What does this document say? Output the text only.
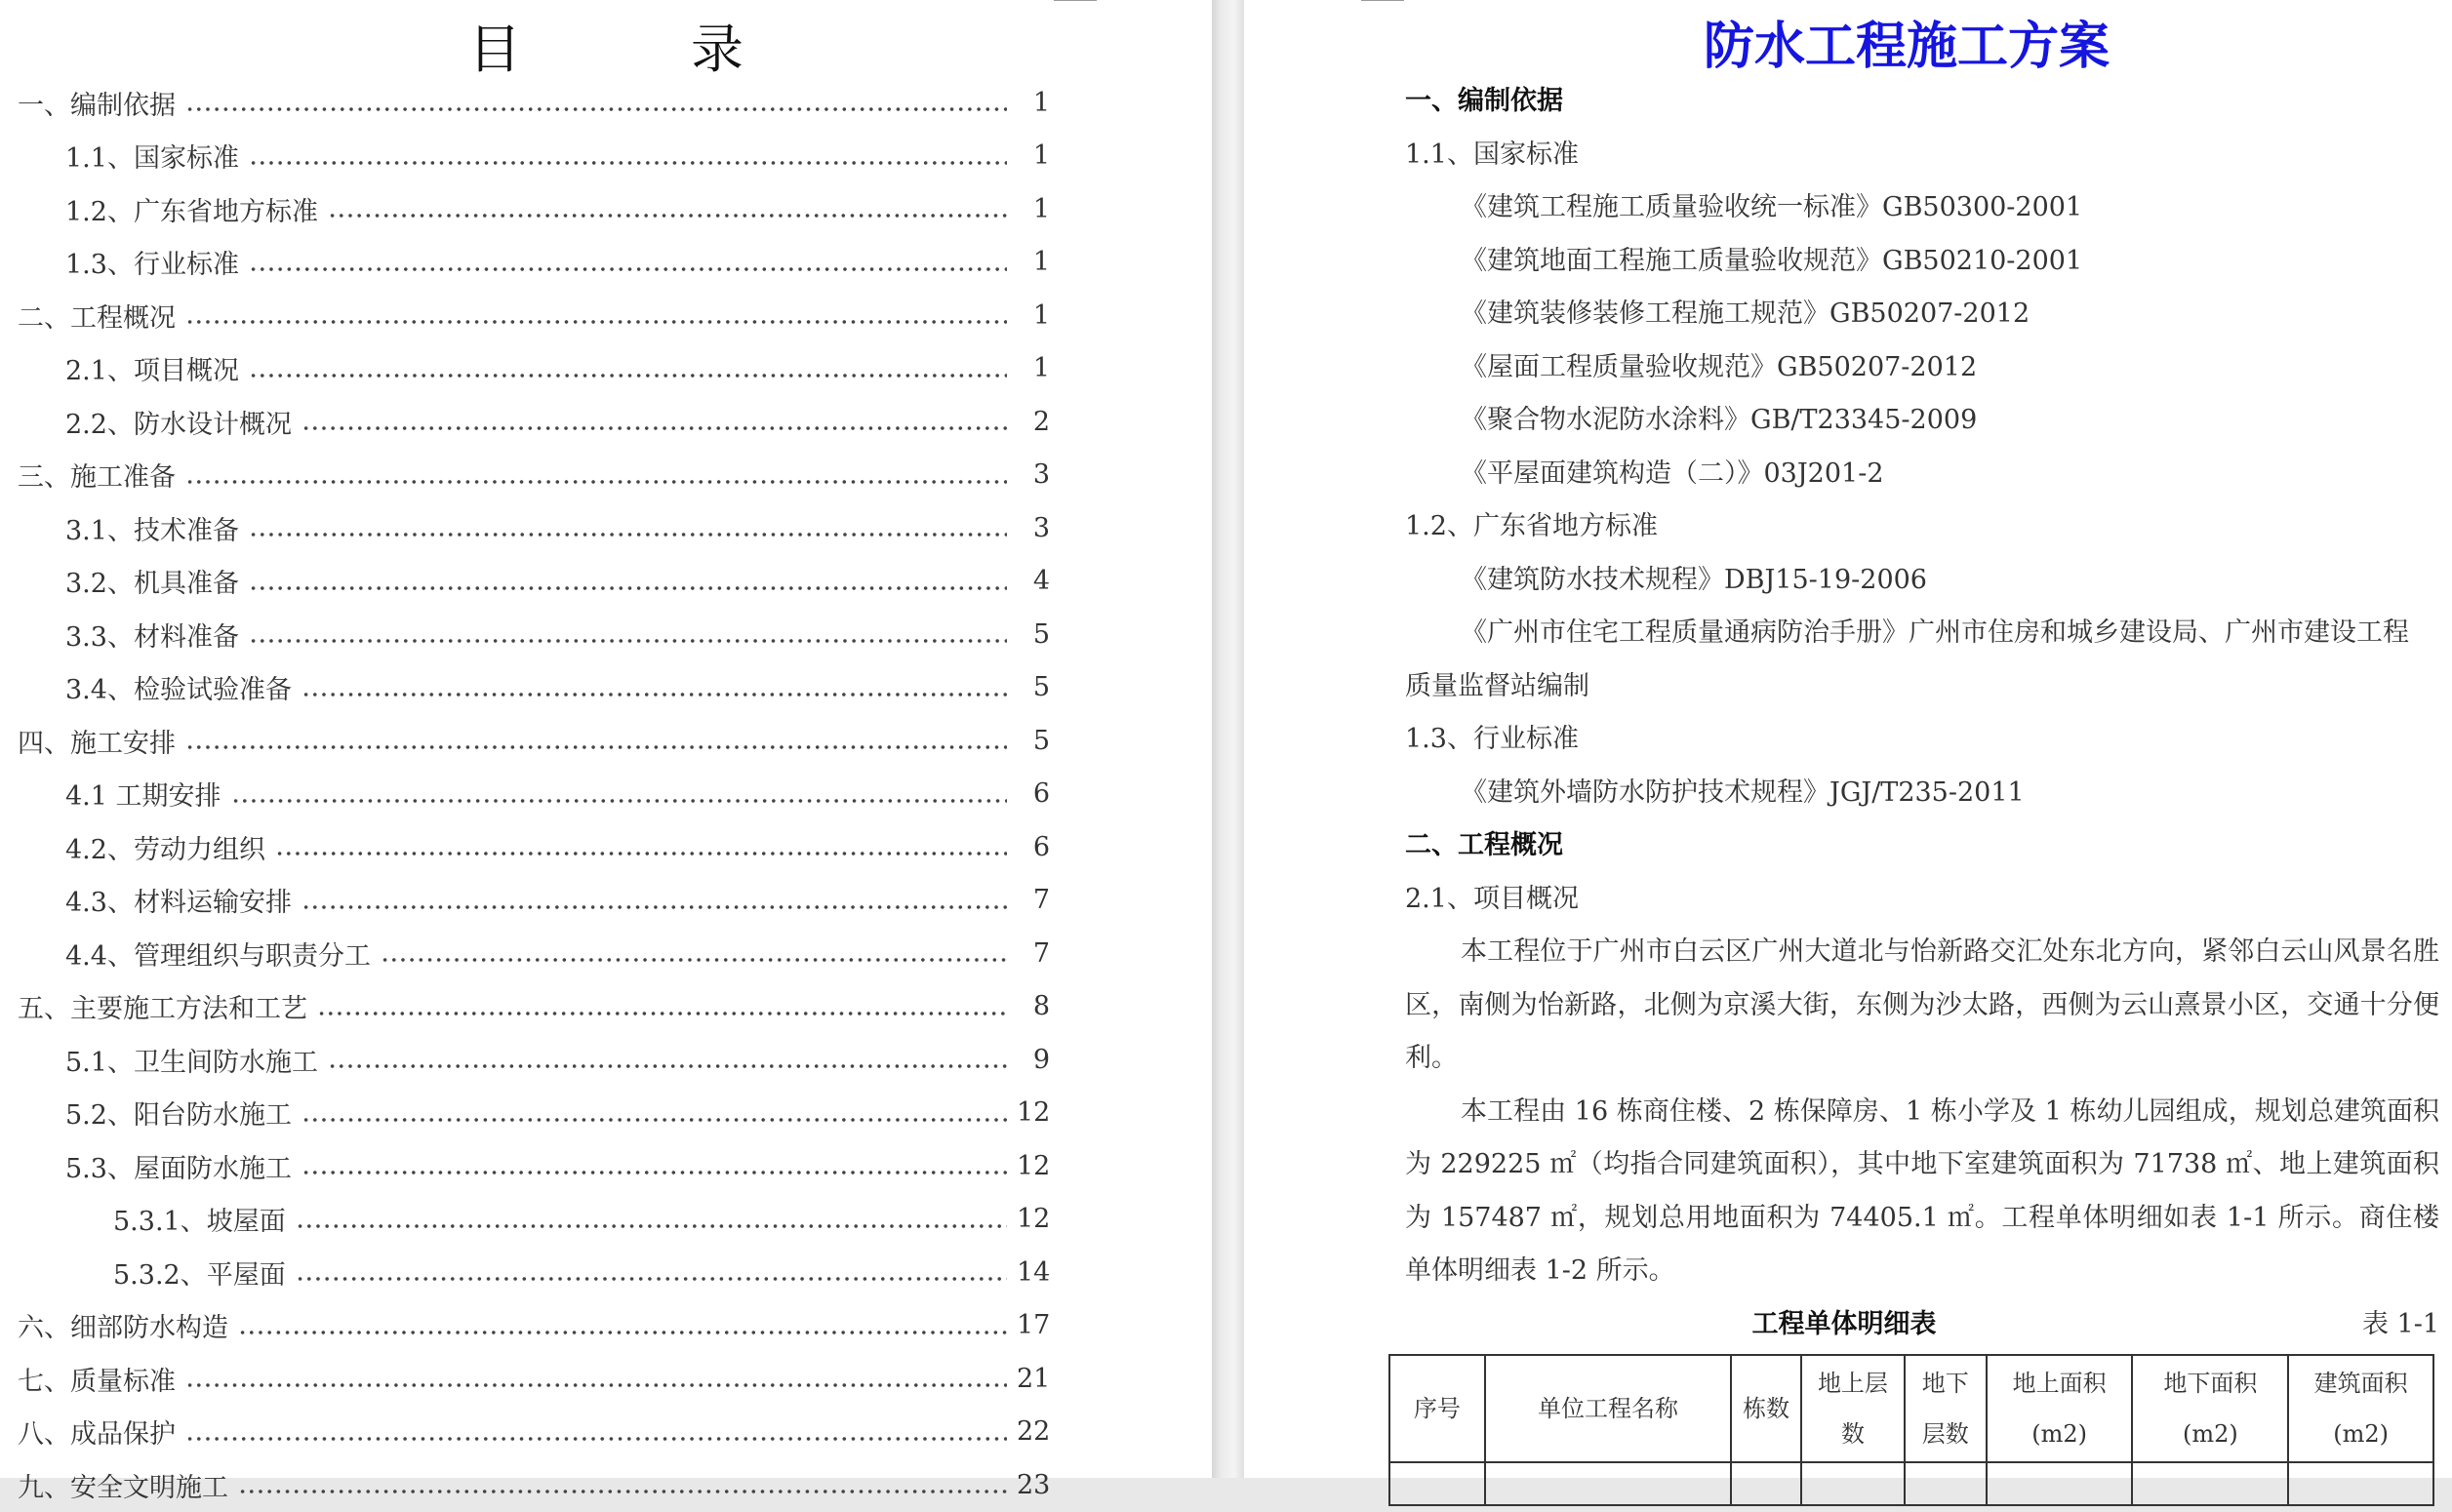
目　录
一、编制依据	1
1.1、国家标准	1
1.2、广东省地方标准	1
1.3、行业标准	1
二、工程概况	1
2.1、项目概况	1
2.2、防水设计概况	2
三、施工准备	3
3.1、技术准备	3
3.2、机具准备	4
3.3、材料准备	5
3.4、检验试验准备	5
四、施工安排	5
4.1 工期安排	6
4.2、劳动力组织	6
4.3、材料运输安排	7
4.4、管理组织与职责分工	7
五、主要施工方法和工艺	8
5.1、卫生间防水施工	9
5.2、阳台防水施工	12
5.3、屋面防水施工	12
5.3.1、坡屋面	12
5.3.2、平屋面	14
六、细部防水构造	17
七、质量标准	21
八、成品保护	22
九、安全文明施工	23
防水工程施工方案
一、编制依据
1.1、国家标准
《建筑工程施工质量验收统一标准》GB50300-2001
《建筑地面工程施工质量验收规范》GB50210-2001
《建筑装修装修工程施工规范》GB50207-2012
《屋面工程质量验收规范》GB50207-2012
《聚合物水泥防水涂料》GB/T23345-2009
《平屋面建筑构造（二）》03J201-2
1.2、广东省地方标准
《建筑防水技术规程》DBJ15-19-2006
《广州市住宅工程质量通病防治手册》广州市住房和城乡建设局、广州市建设工程
质量监督站编制
1.3、行业标准
《建筑外墙防水防护技术规程》JGJ/T235-2011
二、工程概况
2.1、项目概况
本工程位于广州市白云区广州大道北与怡新路交汇处东北方向，紧邻白云山风景名胜区，南侧为怡新路，北侧为京溪大街，东侧为沙太路，西侧为云山熹景小区，交通十分便利。
本工程由 16 栋商住楼、2 栋保障房、1 栋小学及 1 栋幼儿园组成，规划总建筑面积为 229225 ㎡（均指合同建筑面积），其中地下室建筑面积为 71738 ㎡、地上建筑面积为 157487 ㎡，规划总用地面积为 74405.1 ㎡。工程单体明细如表 1-1 所示。商住楼单体明细表 1-2 所示。
工程单体明细表	表 1-1
序号	单位工程名称	栋数	地上层数	地下层数	地上面积(m2)	地下面积(m2)	建筑面积(m2)
